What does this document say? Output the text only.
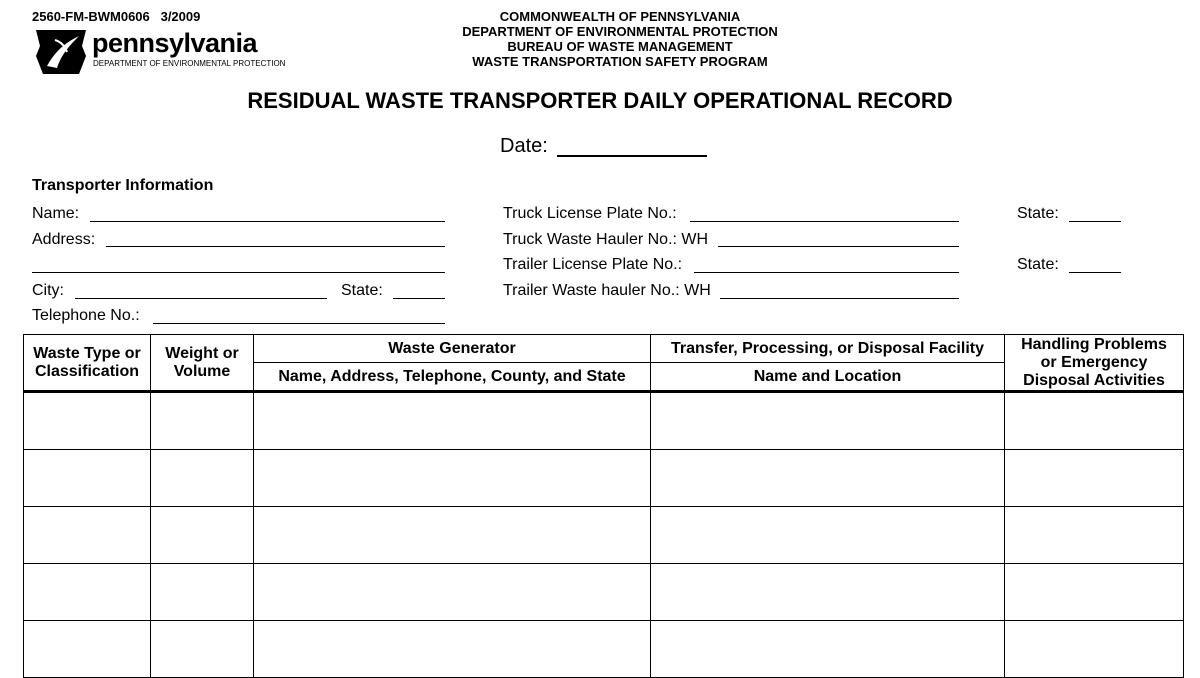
2560-FM-BWM0606   3/2009
pennsylvania
DEPARTMENT OF ENVIRONMENTAL PROTECTION
COMMONWEALTH OF PENNSYLVANIA
DEPARTMENT OF ENVIRONMENTAL PROTECTION
BUREAU OF WASTE MANAGEMENT
WASTE TRANSPORTATION SAFETY PROGRAM
RESIDUAL WASTE TRANSPORTER DAILY OPERATIONAL RECORD
Date:
Transporter Information
Name:
Address:
City:	State:
Telephone No.:
Truck License Plate No.:	State:
Truck Waste Hauler No.: WH
Trailer License Plate No.:	State:
Trailer Waste hauler No.: WH
Waste Type or Classification	Weight or Volume	Waste Generator	Transfer, Processing, or Disposal Facility	Handling Problems or Emergency Disposal Activities
		Name, Address, Telephone, County, and State	Name and Location	
